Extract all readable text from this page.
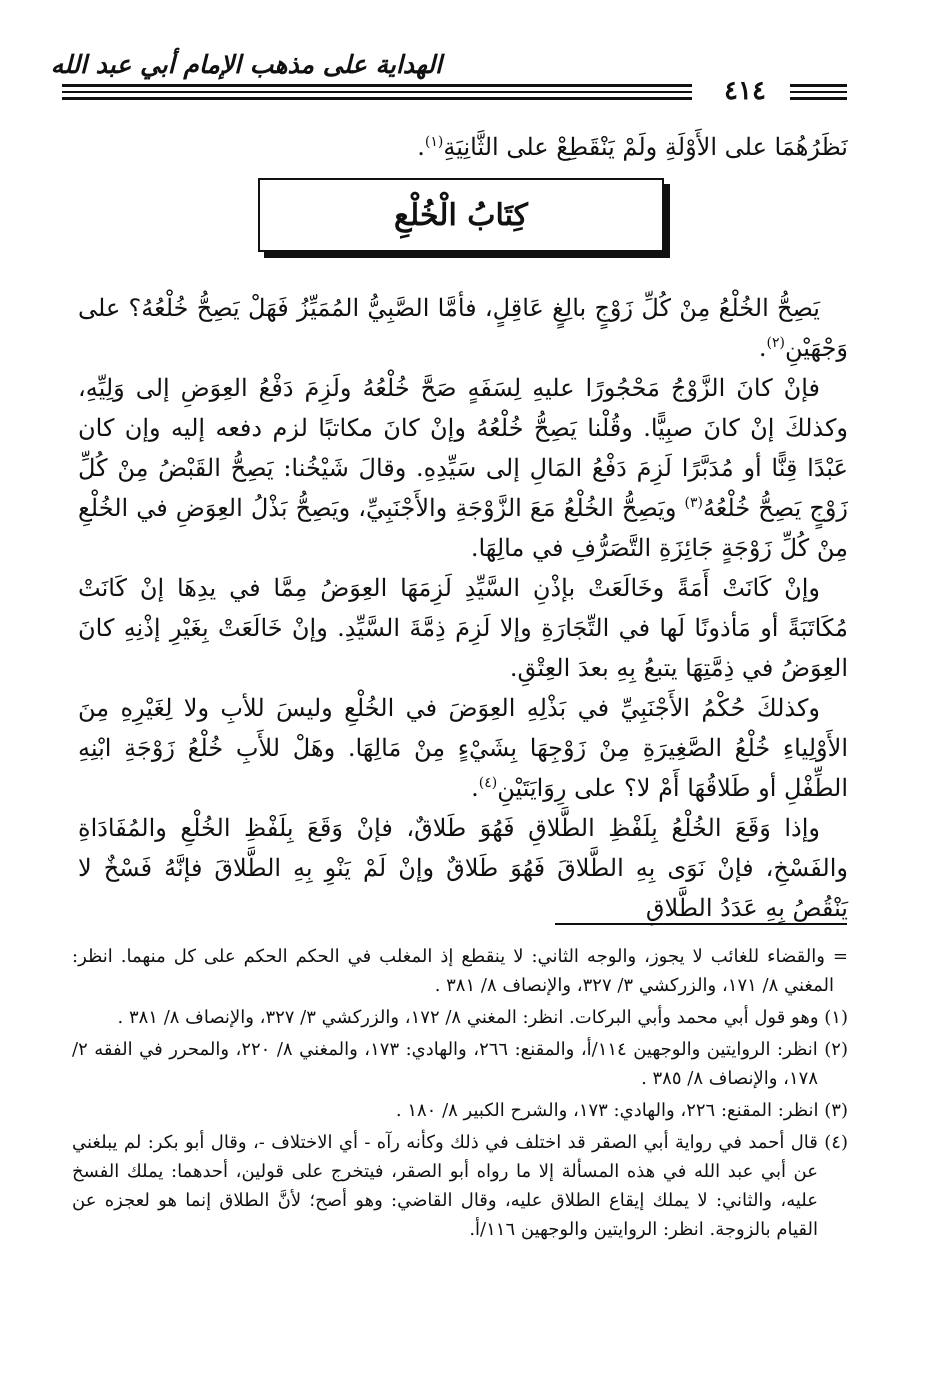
الهداية على مذهب الإمام أبي عبد الله
٤١٤
نَظَرُهُمَا على الأَوْلَةِ ولَمْ يَنْقَطِعْ على الثَّانِيَةِ$^{(١)}$.
كِتَابُ الْخُلْعِ

يَصِحُّ الخُلْعُ مِنْ كُلِّ زَوْجٍ بالِغٍ عَاقِلٍ، فأمَّا الصَّبِيُّ المُمَيِّزُ فَهَلْ يَصِحُّ خُلْعُهُ؟ على وَجْهَيْنِ$^{(٢)}$.

فإنْ كانَ الزَّوْجُ مَحْجُورًا عليهِ لِسَفَهٍ صَحَّ خُلْعُهُ ولَزِمَ دَفْعُ العِوَضِ إلى وَلِيِّهِ، وكذلكَ إنْ كانَ صبِيًّا. وقُلْنا يَصِحُّ خُلْعُهُ وإنْ كانَ مكاتبًا لزم دفعه إليه وإن كان عَبْدًا قِنًّا أو مُدَبَّرًا لَزِمَ دَفْعُ المَالِ إلى سَيِّدِهِ. وقالَ شَيْخُنا: يَصِحُّ القَبْضُ مِنْ كُلِّ زَوْجٍ يَصِحُّ خُلْعُهُ$^{(٣)}$ ويَصِحُّ الخُلْعُ مَعَ الزَّوْجَةِ والأَجْنَبِيِّ، ويَصِحُّ بَذْلُ العِوَضِ في الخُلْعِ مِنْ كُلِّ زَوْجَةٍ جَائِزَةِ التَّصَرُّفِ في مالِهَا.

وإنْ كَانَتْ أَمَةً وخَالَعَتْ بإذْنِ السَّيِّدِ لَزِمَهَا العِوَضُ مِمَّا في يدِهَا إنْ كَانَتْ مُكَاتَبَةً أو مَأذونًا لَها في التِّجَارَةِ وإلا لَزِمَ ذِمَّةَ السَّيِّدِ. وإنْ خَالَعَتْ بِغَيْرِ إذْنِهِ كانَ العِوَضُ في ذِمَّتِهَا يتبعُ بِهِ بعدَ العِتْقِ.

وكذلكَ حُكْمُ الأَجْنَبِيِّ في بَذْلِهِ العِوَضَ في الخُلْعِ وليسَ للأبِ ولا لِغَيْرِهِ مِنَ الأَوْلِياءِ خُلْعُ الصَّغِيرَةِ مِنْ زَوْجِهَا بِشَيْءٍ مِنْ مَالِهَا. وهَلْ للأَبِ خُلْعُ زَوْجَةِ ابْنِهِ الطِّفْلِ أو طَلاقُهَا أَمْ لا؟ على رِوَايَتَيْنِ$^{(٤)}$.

وإذا وَقَعَ الخُلْعُ بِلَفْظِ الطَّلاقِ فَهُوَ طَلاقٌ، فإنْ وَقَعَ بِلَفْظِ الخُلْعِ والمُفَادَاةِ والفَسْخِ، فإنْ نَوَى بِهِ الطَّلاقَ فَهُوَ طَلاقٌ وإنْ لَمْ يَنْوِ بِهِ الطَّلاقَ فإنَّهُ فَسْخٌ لا يَنْقُصُ بِهِ عَدَدُ الطَّلاقِ

= والقضاء للغائب لا يجوز، والوجه الثاني: لا ينقطع إذ المغلب في الحكم الحكم على كل منهما. انظر: المغني ٨/ ١٧١، والزركشي ٣/ ٣٢٧، والإنصاف ٨/ ٣٨١ .

(١) وهو قول أبي محمد وأبي البركات. انظر: المغني ٨/ ١٧٢، والزركشي ٣/ ٣٢٧، والإنصاف ٨/ ٣٨١ .

(٢) انظر: الروايتين والوجهين ١١٤/أ، والمقنع: ٢٦٦، والهادي: ١٧٣، والمغني ٨/ ٢٢٠، والمحرر في الفقه ٢/ ١٧٨، والإنصاف ٨/ ٣٨٥ .

(٣) انظر: المقنع: ٢٢٦، والهادي: ١٧٣، والشرح الكبير ٨/ ١٨٠ .

(٤) قال أحمد في رواية أبي الصقر قد اختلف في ذلك وكأنه رآه - أي الاختلاف -، وقال أبو بكر: لم يبلغني عن أبي عبد الله في هذه المسألة إلا ما رواه أبو الصقر، فيتخرج على قولين، أحدهما: يملك الفسخ عليه، والثاني: لا يملك إيقاع الطلاق عليه، وقال القاضي: وهو أصح؛ لأنَّ الطلاق إنما هو لعجزه عن القيام بالزوجة. انظر: الروايتين والوجهين ١١٦/أ.
